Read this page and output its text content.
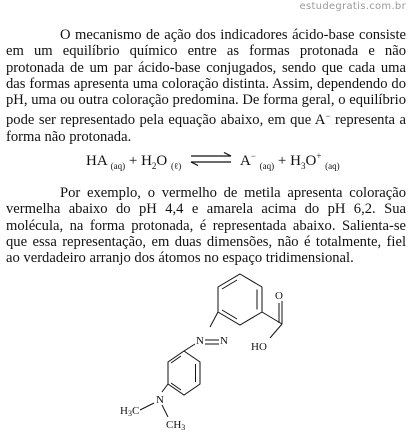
estudegratis.com.br

O mecanismo de ação dos indicadores ácido-base consiste em um equilíbrio químico entre as formas protonada e não protonada de um par ácido-base conjugados, sendo que cada uma das formas apresenta uma coloração distinta. Assim, dependendo do pH, uma ou outra coloração predomina. De forma geral, o equilíbrio pode ser representado pela equação abaixo, em que A− representa a forma não protonada.

HA $_{(aq)} + H_2O$ $_{(\ell)}$ ⇌ A− $_{(aq)} + H_3O^+$ $_{(aq)}$

Por exemplo, o vermelho de metila apresenta coloração vermelha abaixo do pH 4,4 e amarela acima do pH 6,2. Sua molécula, na forma protonada, é representada abaixo. Salienta-se que essa representação, em duas dimensões, não é totalmente, fiel ao verdadeiro arranjo dos átomos no espaço tridimensional.

O
HO
N N
N
H3C
CH3
